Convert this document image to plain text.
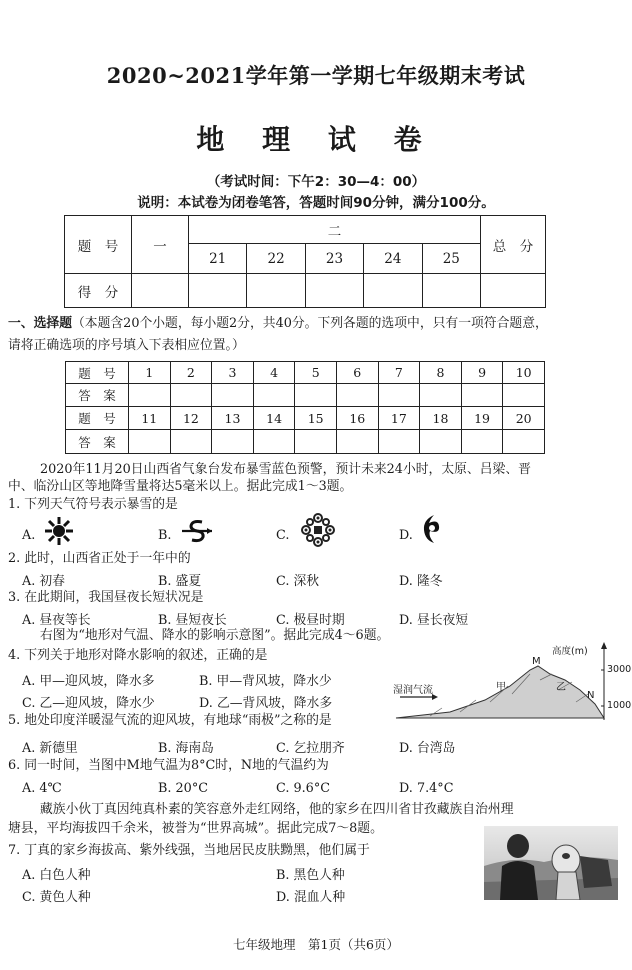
2020~2021学年第一学期七年级期末考试
地 理 试 卷
（考试时间：下午2：30—4：00）
说明：本试卷为闭卷笔答，答题时间90分钟，满分100分。
题　号	一	二					总　分
		21	22	23	24	25	
得　分							
一、选择题（本题含20个小题，每小题2分，共40分。下列各题的选项中，只有一项符合题意，
请将正确选项的序号填入下表相应位置。）
题　号	1	2	3	4	5	6	7	8	9	10
答　案										
题　号	11	12	13	14	15	16	17	18	19	20
答　案										
2020年11月20日山西省气象台发布暴雪蓝色预警，预计未来24小时，太原、吕梁、晋
中、临汾山区等地降雪量将达5毫米以上。据此完成1～3题。
1. 下列天气符号表示暴雪的是
A.	B.	C.	D.
2. 此时，山西省正处于一年中的
A. 初春	B. 盛夏	C. 深秋	D. 隆冬
3. 在此期间，我国昼夜长短状况是
A. 昼夜等长	B. 昼短夜长	C. 极昼时期	D. 昼长夜短
右图为“地形对气温、降水的影响示意图”。据此完成4～6题。
4. 下列关于地形对降水影响的叙述，正确的是
A. 甲—迎风坡，降水多	B. 甲—背风坡，降水少
C. 乙—迎风坡，降水少	D. 乙—背风坡，降水多
高度(m)
3000
1000
湿润气流
M
N
甲	乙
5. 地处印度洋暖湿气流的迎风坡，有地球“雨极”之称的是
A. 新德里	B. 海南岛	C. 乞拉朋齐	D. 台湾岛
6. 同一时间，当图中M地气温为8°C时，N地的气温约为
A. 4℃	B. 20°C	C. 9.6°C	D. 7.4°C
藏族小伙丁真因纯真朴素的笑容意外走红网络，他的家乡在四川省甘孜藏族自治州理
塘县，平均海拔四千余米，被誉为“世界高城”。据此完成7～8题。
7. 丁真的家乡海拔高、紫外线强，当地居民皮肤黝黑，他们属于
A. 白色人种	B. 黑色人种
C. 黄色人种	D. 混血人种
七年级地理　第1页（共6页）
